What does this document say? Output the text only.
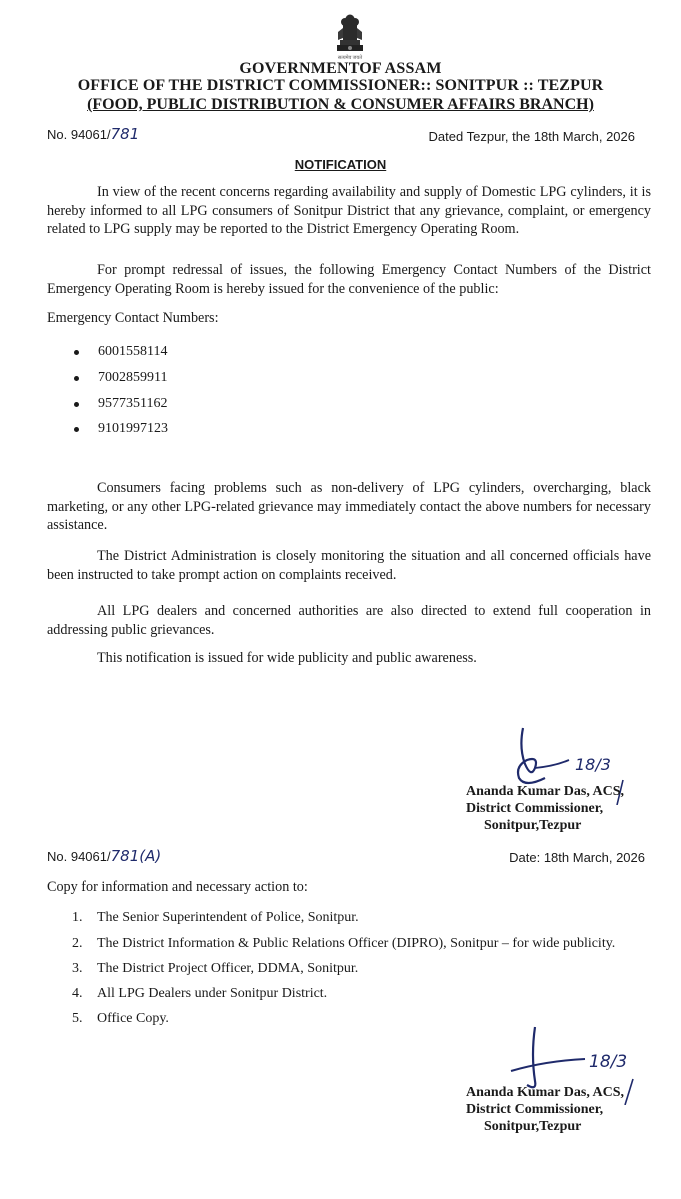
सत्यमेव जयते
GOVERNMENTOF ASSAM
OFFICE OF THE DISTRICT COMMISSIONER:: SONITPUR :: TEZPUR
(FOOD, PUBLIC DISTRIBUTION & CONSUMER AFFAIRS BRANCH)
No. 94061/781	Dated Tezpur, the 18th March, 2026
NOTIFICATION
In view of the recent concerns regarding availability and supply of Domestic LPG cylinders, it is hereby informed to all LPG consumers of Sonitpur District that any grievance, complaint, or emergency related to LPG supply may be reported to the District Emergency Operating Room.
For prompt redressal of issues, the following Emergency Contact Numbers of the District Emergency Operating Room is hereby issued for the convenience of the public:
Emergency Contact Numbers:
6001558114
7002859911
9577351162
9101997123
Consumers facing problems such as non-delivery of LPG cylinders, overcharging, black marketing, or any other LPG-related grievance may immediately contact the above numbers for necessary assistance.
The District Administration is closely monitoring the situation and all concerned officials have been instructed to take prompt action on complaints received.
All LPG dealers and concerned authorities are also directed to extend full cooperation in addressing public grievances.
This notification is issued for wide publicity and public awareness.
18/3
Ananda Kumar Das, ACS,
District Commissioner,
Sonitpur,Tezpur
No. 94061/781(A)	Date: 18th March, 2026
Copy for information and necessary action to:
1. The Senior Superintendent of Police, Sonitpur.
2. The District Information & Public Relations Officer (DIPRO), Sonitpur – for wide publicity.
3. The District Project Officer, DDMA, Sonitpur.
4. All LPG Dealers under Sonitpur District.
5. Office Copy.
18/3
Ananda Kumar Das, ACS,
District Commissioner,
Sonitpur,Tezpur
